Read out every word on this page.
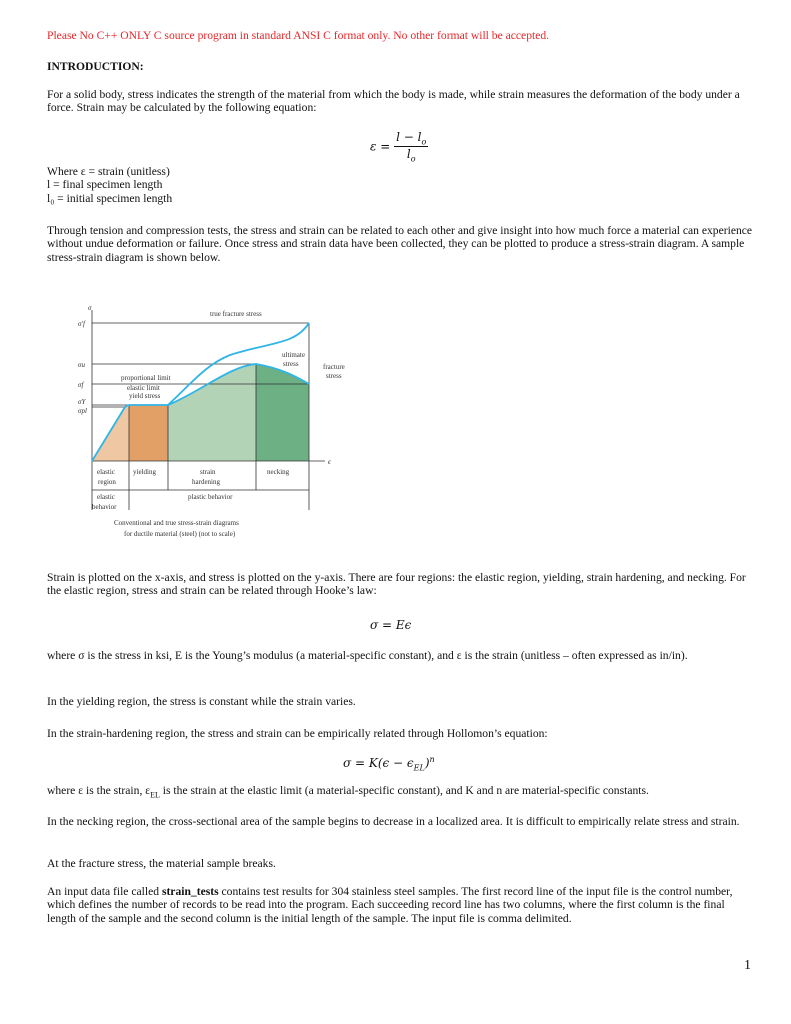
Please No C++ ONLY C source program in standard ANSI C format only. No other format will be accepted.
INTRODUCTION:
For a solid body, stress indicates the strength of the material from which the body is made, while strain measures the deformation of the body under a force. Strain may be calculated by the following equation:
$\varepsilon = \frac{l - l_o}{l_o}$
Where ε = strain (unitless)
l = final specimen length
l₀ = initial specimen length
Through tension and compression tests, the stress and strain can be related to each other and give insight into how much force a material can experience without undue deformation or failure. Once stress and strain data have been collected, they can be plotted to produce a stress-strain diagram. A sample stress-strain diagram is shown below.
σ
ϵ
σ′f
σu
σf
σY
σpl
true fracture stress
ultimate
stress	fracture
stress
proportional limit
elastic limit
yield stress
elastic
region
yielding	strain
hardening
necking
elastic
behavior
plastic behavior
Conventional and true stress-strain diagrams
for ductile material (steel) (not to scale)
Strain is plotted on the x-axis, and stress is plotted on the y-axis. There are four regions: the elastic region, yielding, strain hardening, and necking. For the elastic region, stress and strain can be related through Hooke’s law:
σ = Eϵ
where σ is the stress in ksi, E is the Young’s modulus (a material-specific constant), and ε is the strain (unitless – often expressed as in/in).
In the yielding region, the stress is constant while the strain varies.
In the strain-hardening region, the stress and strain can be empirically related through Hollomon’s equation:
$\sigma = K(\epsilon - \epsilon_{EL})^n$
where ε is the strain, $\varepsilon_{EL}$ is the strain at the elastic limit (a material-specific constant), and K and n are material-specific constants.
In the necking region, the cross-sectional area of the sample begins to decrease in a localized area. It is difficult to empirically relate stress and strain.
At the fracture stress, the material sample breaks.
An input data file called strain_tests contains test results for 304 stainless steel samples. The first record line of the input file is the control number, which defines the number of records to be read into the program. Each succeeding record line has two columns, where the first column is the final length of the sample and the second column is the initial length of the sample. The input file is comma delimited.
1
